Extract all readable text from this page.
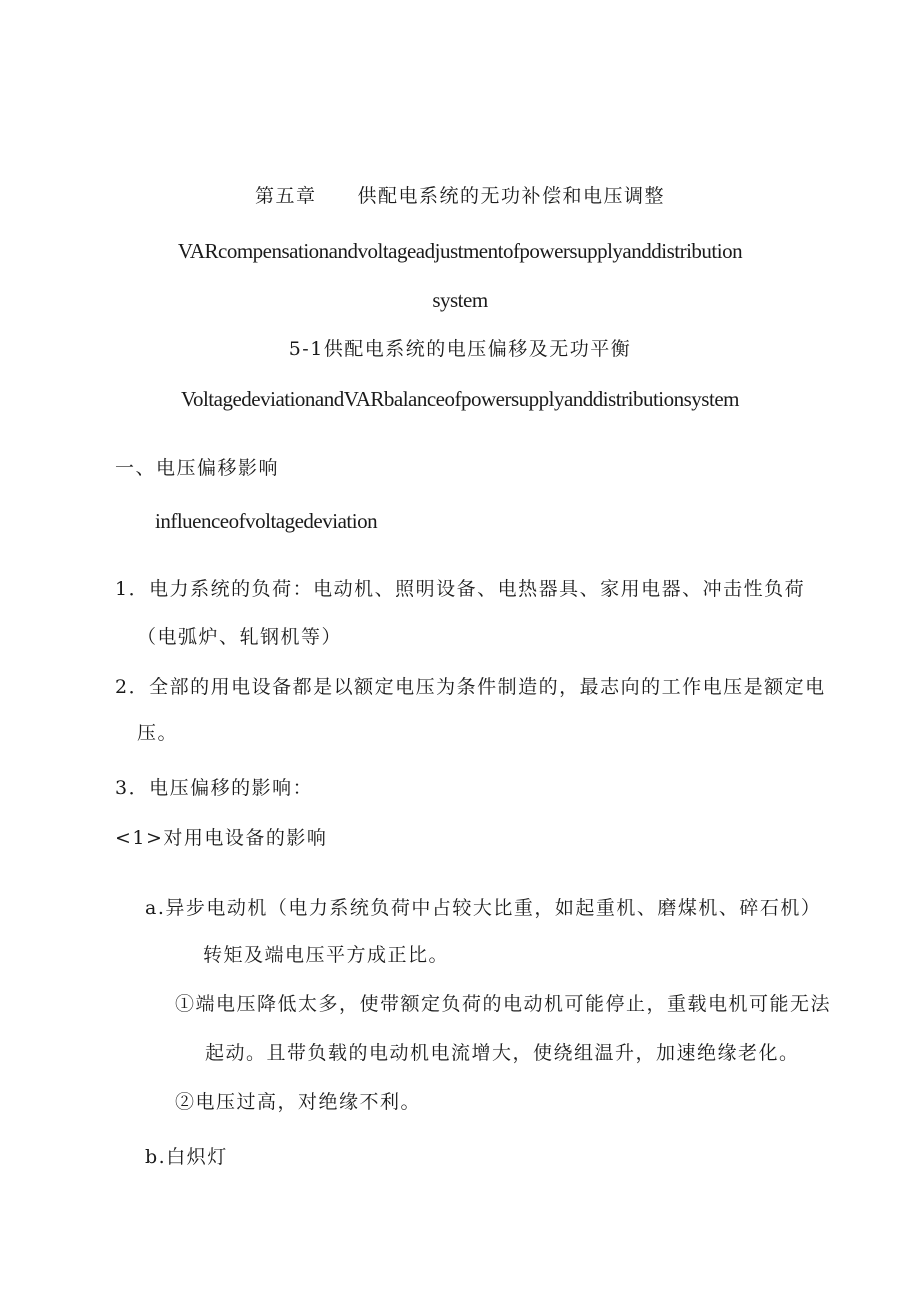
第五章　　供配电系统的无功补偿和电压调整
VARcompensationandvoltageadjustmentofpowersupplyanddistribution
system
5-1供配电系统的电压偏移及无功平衡
VoltagedeviationandVARbalanceofpowersupplyanddistributionsystem
一、电压偏移影响
influenceofvoltagedeviation
1．电力系统的负荷：电动机、照明设备、电热器具、家用电器、冲击性负荷
（电弧炉、轧钢机等）
2．全部的用电设备都是以额定电压为条件制造的，最志向的工作电压是额定电
压。
3．电压偏移的影响：
<1>对用电设备的影响
a.异步电动机（电力系统负荷中占较大比重，如起重机、磨煤机、碎石机）
转矩及端电压平方成正比。
①端电压降低太多，使带额定负荷的电动机可能停止，重载电机可能无法
起动。且带负载的电动机电流增大，使绕组温升，加速绝缘老化。
②电压过高，对绝缘不利。
b.白炽灯
